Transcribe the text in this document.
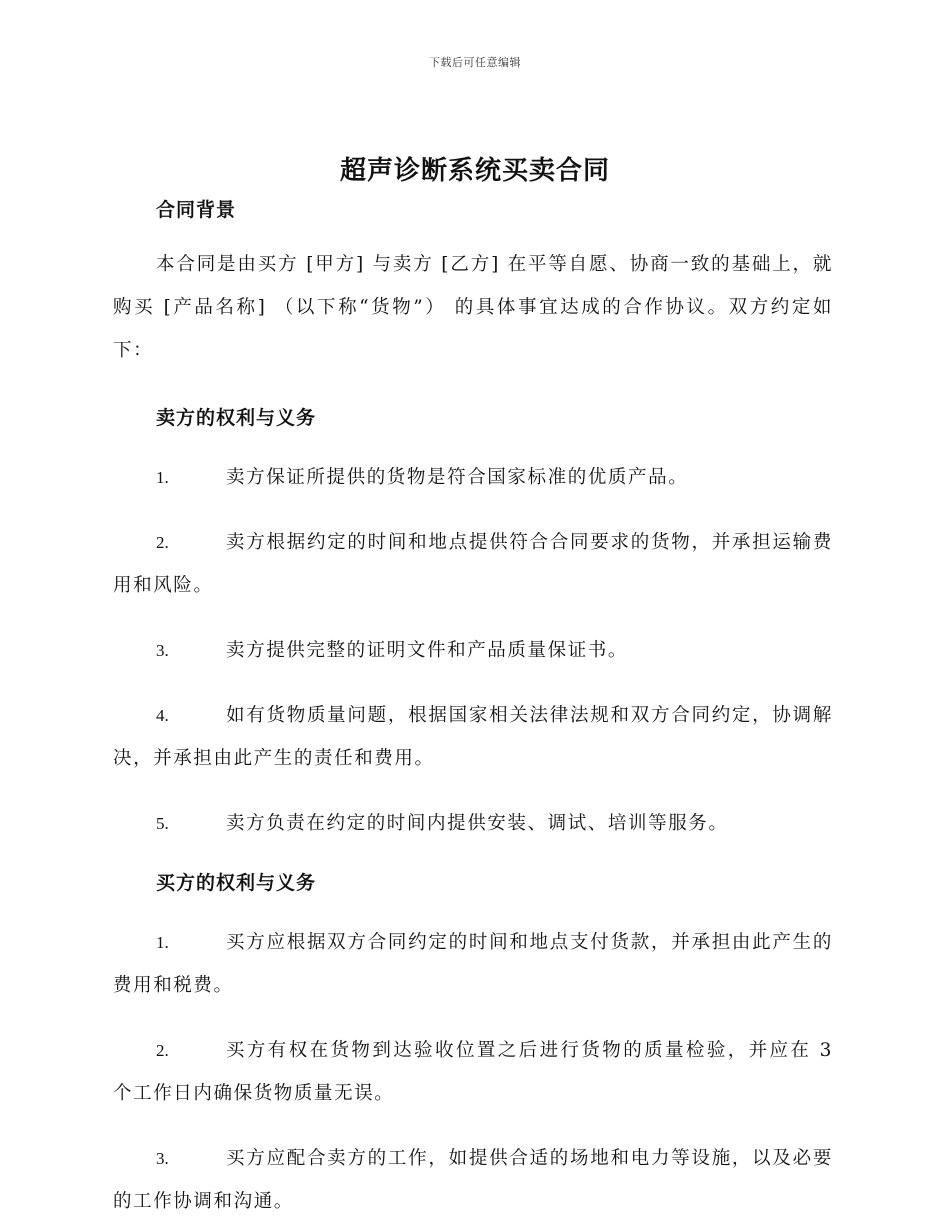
下载后可任意编辑
超声诊断系统买卖合同
合同背景
本合同是由买方 [甲方] 与卖方 [乙方] 在平等自愿、协商一致的基础上，就购买 [产品名称] （以下称“货物”） 的具体事宜达成的合作协议。双方约定如下：
卖方的权利与义务
1.	卖方保证所提供的货物是符合国家标准的优质产品。
2.	卖方根据约定的时间和地点提供符合合同要求的货物，并承担运输费用和风险。
3.	卖方提供完整的证明文件和产品质量保证书。
4.	如有货物质量问题，根据国家相关法律法规和双方合同约定，协调解决，并承担由此产生的责任和费用。
5.	卖方负责在约定的时间内提供安装、调试、培训等服务。
买方的权利与义务
1.	买方应根据双方合同约定的时间和地点支付货款，并承担由此产生的费用和税费。
2.	买方有权在货物到达验收位置之后进行货物的质量检验，并应在 3 个工作日内确保货物质量无误。
3.	买方应配合卖方的工作，如提供合适的场地和电力等设施，以及必要的工作协调和沟通。
